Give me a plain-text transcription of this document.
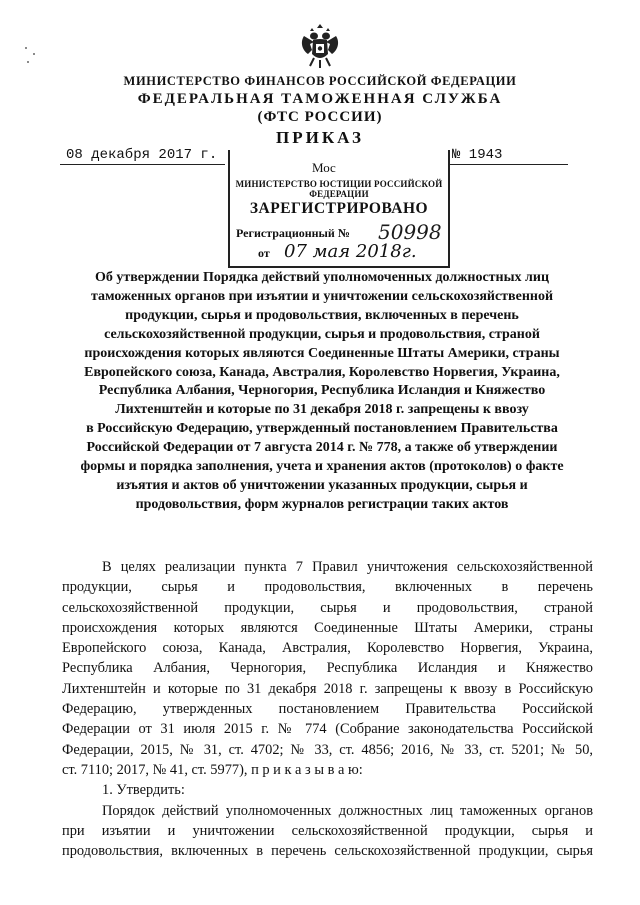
МИНИСТЕРСТВО ФИНАНСОВ РОССИЙСКОЙ ФЕДЕРАЦИИ
ФЕДЕРАЛЬНАЯ ТАМОЖЕННАЯ СЛУЖБА
(ФТС РОССИИ)
ПРИКАЗ
08 декабря 2017 г.	№ 1943
Мос
МИНИСТЕРСТВО ЮСТИЦИИ РОССИЙСКОЙ ФЕДЕРАЦИИ
ЗАРЕГИСТРИРОВАНО
Регистрационный № 50998
от 07 мая 2018г.
Об утверждении Порядка действий уполномоченных должностных лиц
таможенных органов при изъятии и уничтожении сельскохозяйственной
продукции, сырья и продовольствия, включенных в перечень
сельскохозяйственной продукции, сырья и продовольствия, страной
происхождения которых являются Соединенные Штаты Америки, страны
Европейского союза, Канада, Австралия, Королевство Норвегия, Украина,
Республика Албания, Черногория, Республика Исландия и Княжество
Лихтенштейн и которые по 31 декабря 2018 г. запрещены к ввозу
в Российскую Федерацию, утвержденный постановлением Правительства
Российской Федерации от 7 августа 2014 г. № 778, а также об утверждении
формы и порядка заполнения, учета и хранения актов (протоколов) о факте
изъятия и актов об уничтожении указанных продукции, сырья и
продовольствия, форм журналов регистрации таких актов
В целях реализации пункта 7 Правил уничтожения сельскохозяйственной
продукции, сырья и продовольствия, включенных в перечень
сельскохозяйственной продукции, сырья и продовольствия, страной
происхождения которых являются Соединенные Штаты Америки, страны
Европейского союза, Канада, Австралия, Королевство Норвегия, Украина,
Республика Албания, Черногория, Республика Исландия и Княжество
Лихтенштейн и которые по 31 декабря 2018 г. запрещены к ввозу в Российскую
Федерацию, утвержденных постановлением Правительства Российской
Федерации от 31 июля 2015 г. № 774 (Собрание законодательства Российской
Федерации, 2015, № 31, ст. 4702; № 33, ст. 4856; 2016, № 33, ст. 5201; № 50,
ст. 7110; 2017, № 41, ст. 5977), п р и к а з ы в а ю:
1. Утвердить:
Порядок действий уполномоченных должностных лиц таможенных органов
при изъятии и уничтожении сельскохозяйственной продукции, сырья и
продовольствия, включенных в перечень сельскохозяйственной продукции, сырья
